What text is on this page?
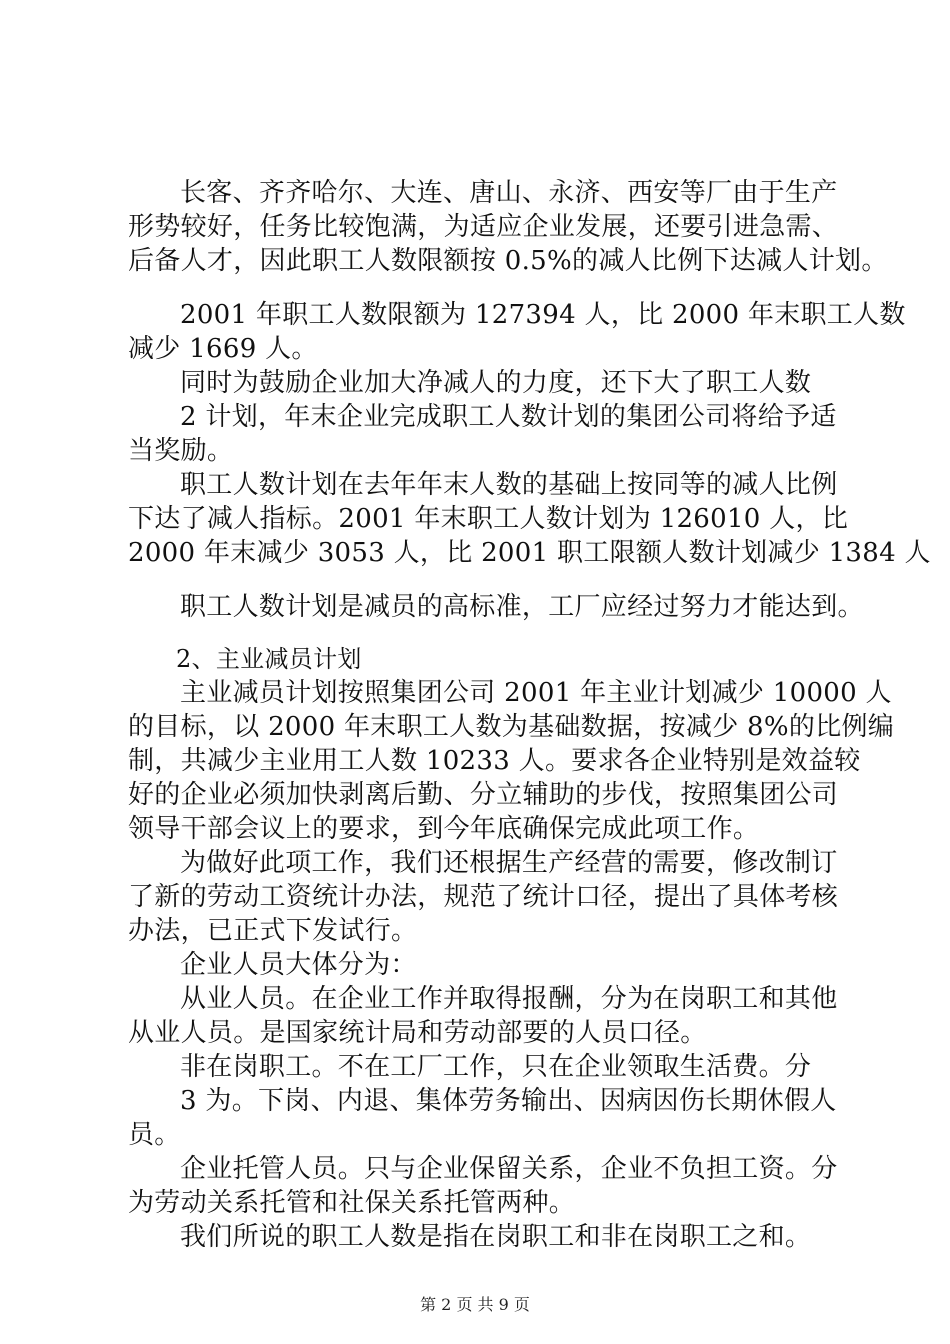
长客、齐齐哈尔、大连、唐山、永济、西安等厂由于生产
形势较好，任务比较饱满，为适应企业发展，还要引进急需、
后备人才，因此职工人数限额按 0.5%的减人比例下达减人计划。
2001 年职工人数限额为 127394 人，比 2000 年末职工人数
减少 1669 人。
同时为鼓励企业加大净减人的力度，还下大了职工人数
2 计划，年末企业完成职工人数计划的集团公司将给予适
当奖励。
职工人数计划在去年年末人数的基础上按同等的减人比例
下达了减人指标。2001 年末职工人数计划为 126010 人，比
2000 年末减少 3053 人，比 2001 职工限额人数计划减少 1384 人
职工人数计划是减员的高标准，工厂应经过努力才能达到。
2、主业减员计划
主业减员计划按照集团公司 2001 年主业计划减少 10000 人
的目标，以 2000 年末职工人数为基础数据，按减少 8%的比例编
制，共减少主业用工人数 10233 人。要求各企业特别是效益较
好的企业必须加快剥离后勤、分立辅助的步伐，按照集团公司
领导干部会议上的要求，到今年底确保完成此项工作。
为做好此项工作，我们还根据生产经营的需要，修改制订
了新的劳动工资统计办法，规范了统计口径，提出了具体考核
办法，已正式下发试行。
企业人员大体分为：
从业人员。在企业工作并取得报酬，分为在岗职工和其他
从业人员。是国家统计局和劳动部要的人员口径。
非在岗职工。不在工厂工作，只在企业领取生活费。分
3 为。下岗、内退、集体劳务输出、因病因伤长期休假人
员。
企业托管人员。只与企业保留关系，企业不负担工资。分
为劳动关系托管和社保关系托管两种。
我们所说的职工人数是指在岗职工和非在岗职工之和。
第 2 页 共 9 页
